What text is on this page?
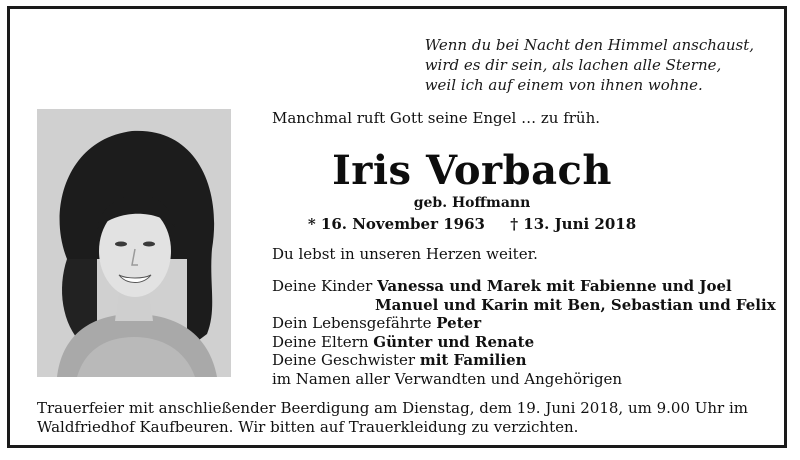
Wenn du bei Nacht den Himmel anschaust,
wird es dir sein, als lachen alle Sterne,
weil ich auf einem von ihnen wohne.
Manchmal ruft Gott seine Engel … zu früh.
Iris Vorbach
geb. Hoffmann
* 16. November 1963 † 13. Juni 2018
Du lebst in unseren Herzen weiter.
Deine Kinder Vanessa und Marek mit Fabienne und Joel
Manuel und Karin mit Ben, Sebastian und Felix
Dein Lebensgefährte Peter
Deine Eltern Günter und Renate
Deine Geschwister mit Familien
im Namen aller Verwandten und Angehörigen
Trauerfeier mit anschließender Beerdigung am Dienstag, dem 19. Juni 2018, um 9.00 Uhr im
Waldfriedhof Kaufbeuren. Wir bitten auf Trauerkleidung zu verzichten.
